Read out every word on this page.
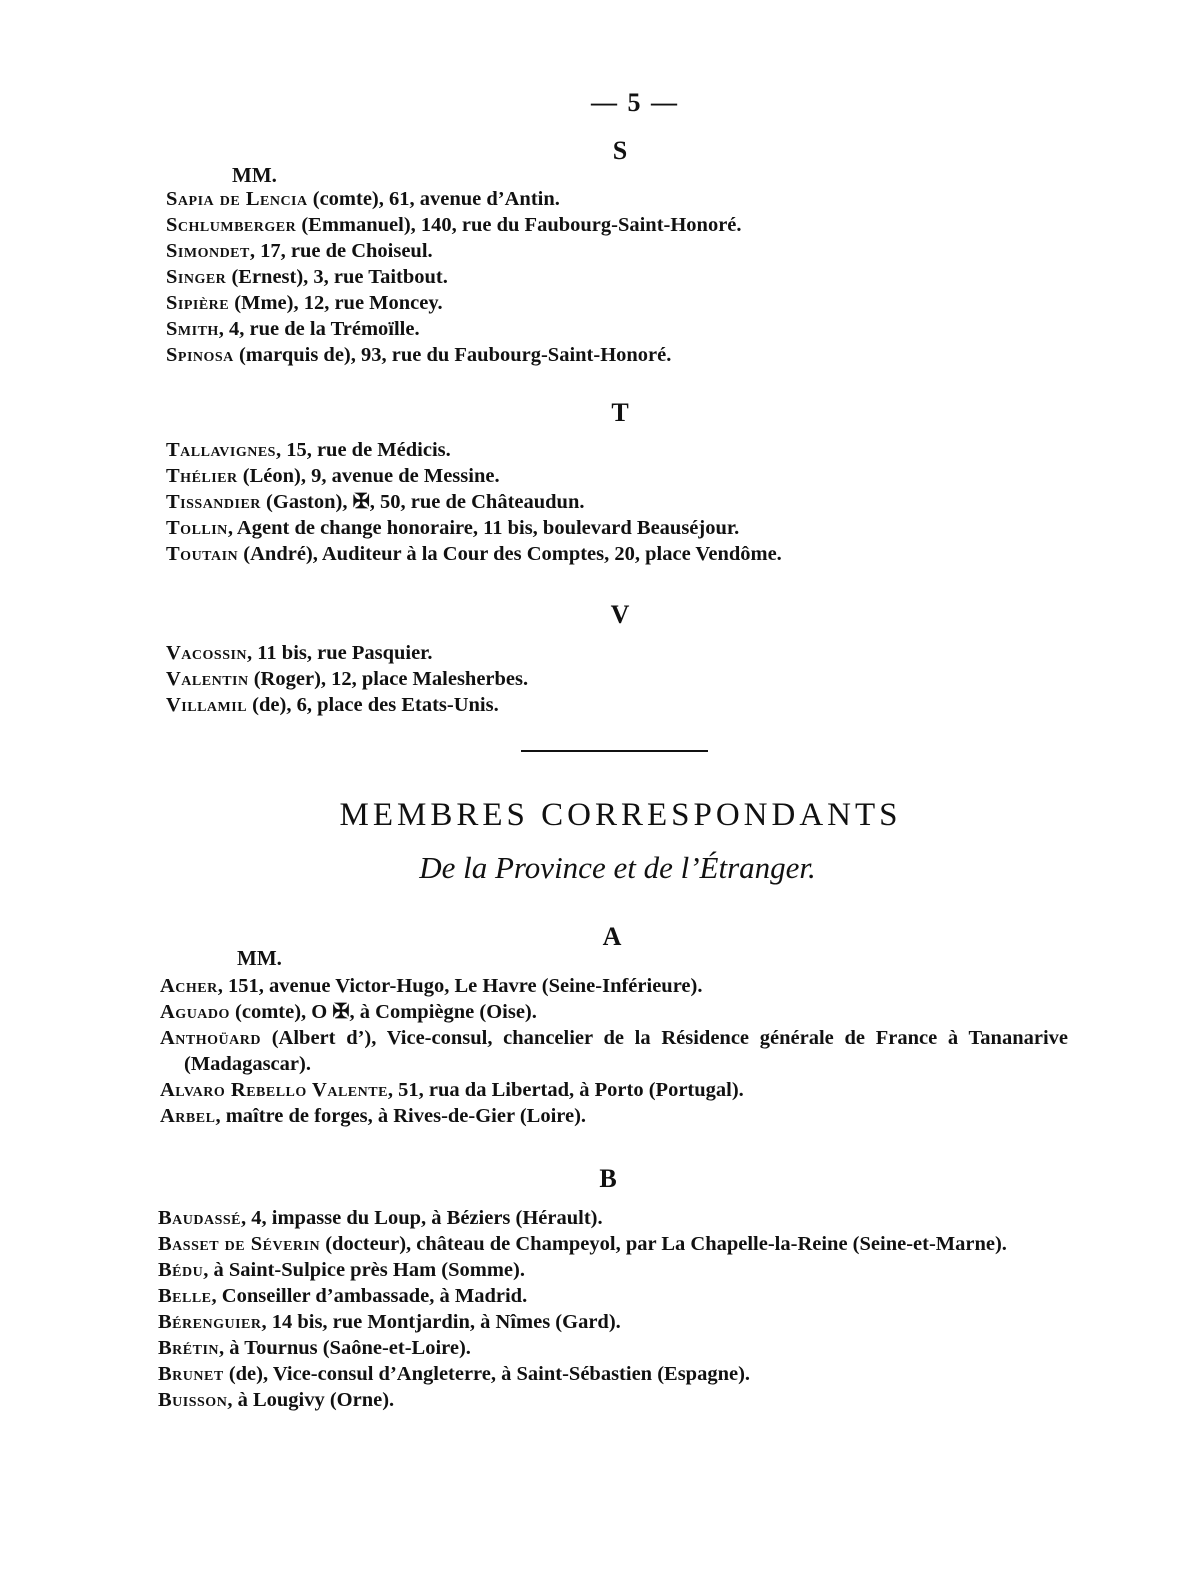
— 5 —
S
MM.
Sapia de Lencia (comte), 61, avenue d’Antin.
Schlumberger (Emmanuel), 140, rue du Faubourg-Saint-Honoré.
Simondet, 17, rue de Choiseul.
Singer (Ernest), 3, rue Taitbout.
Sipière (Mme), 12, rue Moncey.
Smith, 4, rue de la Trémoïlle.
Spinosa (marquis de), 93, rue du Faubourg-Saint-Honoré.
T
Tallavignes, 15, rue de Médicis.
Thélier (Léon), 9, avenue de Messine.
Tissandier (Gaston), ✠, 50, rue de Châteaudun.
Tollin, Agent de change honoraire, 11 bis, boulevard Beauséjour.
Toutain (André), Auditeur à la Cour des Comptes, 20, place Vendôme.
V
Vacossin, 11 bis, rue Pasquier.
Valentin (Roger), 12, place Malesherbes.
Villamil (de), 6, place des Etats-Unis.
MEMBRES CORRESPONDANTS
De la Province et de l’Étranger.
A
MM.
Acher, 151, avenue Victor-Hugo, Le Havre (Seine-Inférieure).
Aguado (comte), O ✠, à Compiègne (Oise).
Anthoüard (Albert d’), Vice-consul, chancelier de la Résidence générale de France à Tananarive (Madagascar).
Alvaro Rebello Valente, 51, rua da Libertad, à Porto (Portugal).
Arbel, maître de forges, à Rives-de-Gier (Loire).
B
Baudassé, 4, impasse du Loup, à Béziers (Hérault).
Basset de Séverin (docteur), château de Champeyol, par La Chapelle-la-Reine (Seine-et-Marne).
Bédu, à Saint-Sulpice près Ham (Somme).
Belle, Conseiller d’ambassade, à Madrid.
Bérenguier, 14 bis, rue Montjardin, à Nîmes (Gard).
Brétin, à Tournus (Saône-et-Loire).
Brunet (de), Vice-consul d’Angleterre, à Saint-Sébastien (Espagne).
Buisson, à Lougivy (Orne).
